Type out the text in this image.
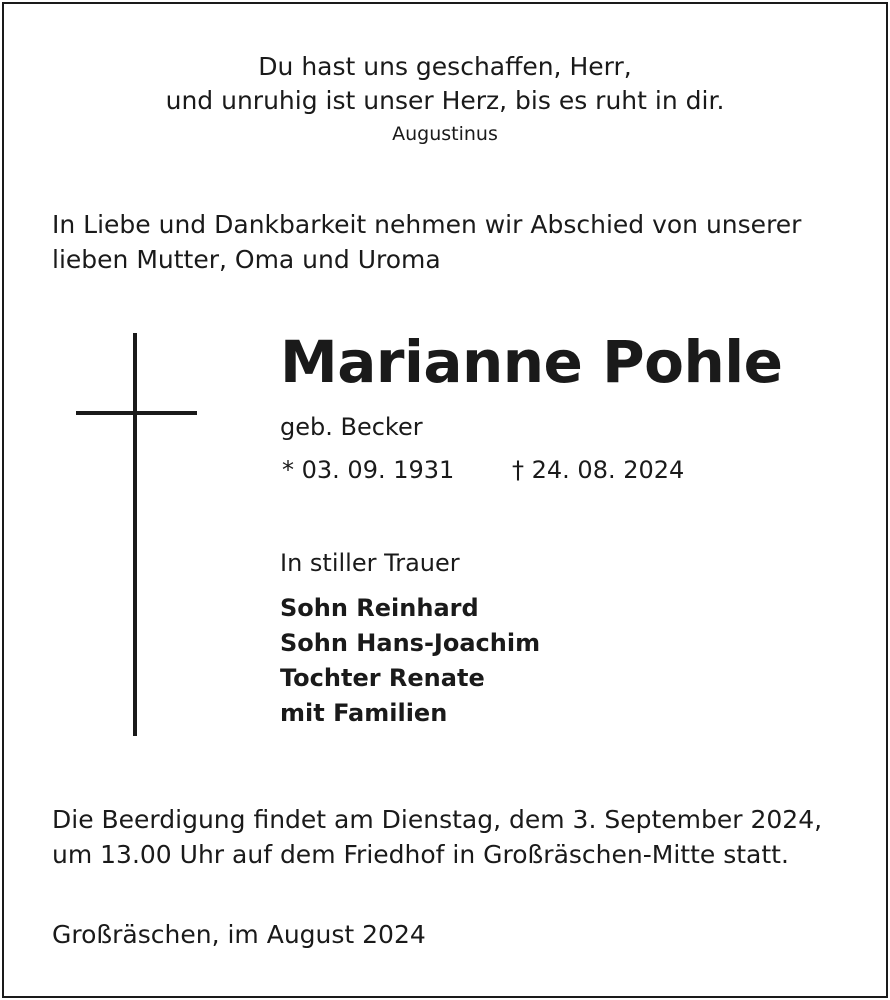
Du hast uns geschaffen, Herr,
und unruhig ist unser Herz, bis es ruht in dir.
Augustinus
In Liebe und Dankbarkeit nehmen wir Abschied von unserer
lieben Mutter, Oma und Uroma
Marianne Pohle
geb. Becker
* 03. 09. 1931 † 24. 08. 2024
In stiller Trauer
Sohn Reinhard
Sohn Hans-Joachim
Tochter Renate
mit Familien
Die Beerdigung findet am Dienstag, dem 3. September 2024,
um 13.00 Uhr auf dem Friedhof in Großräschen-Mitte statt.
Großräschen, im August 2024
